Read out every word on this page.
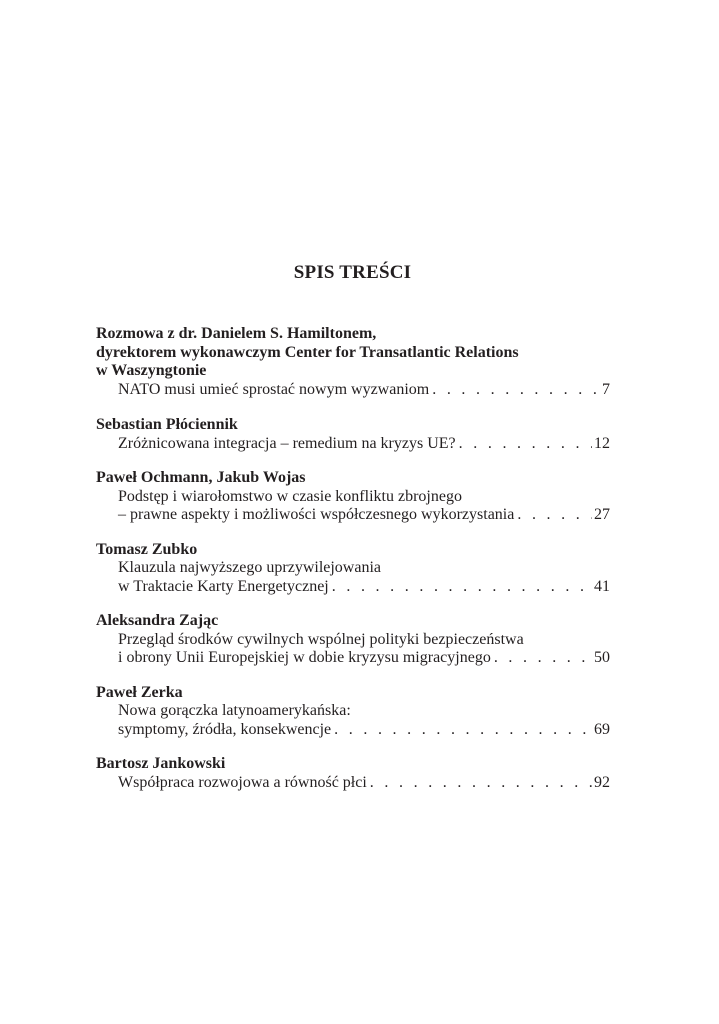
SPIS TREŚCI
Rozmowa z dr. Danielem S. Hamiltonem,
dyrektorem wykonawczym Center for Transatlantic Relations
w Waszyngtonie
NATO musi umieć sprostać nowym wyzwaniom . . .	7
Sebastian Płóciennik
Zróżnicowana integracja – remedium na kryzys UE? . . .	12
Paweł Ochmann, Jakub Wojas
Podstęp i wiarołomstwo w czasie konfliktu zbrojnego
– prawne aspekty i możliwości współczesnego wykorzystania . . .	27
Tomasz Zubko
Klauzula najwyższego uprzywilejowania
w Traktacie Karty Energetycznej . . .	41
Aleksandra Zając
Przegląd środków cywilnych wspólnej polityki bezpieczeństwa
i obrony Unii Europejskiej w dobie kryzysu migracyjnego . . .	50
Paweł Zerka
Nowa gorączka latynoamerykańska:
symptomy, źródła, konsekwencje . . .	69
Bartosz Jankowski
Współpraca rozwojowa a równość płci . . .	92
